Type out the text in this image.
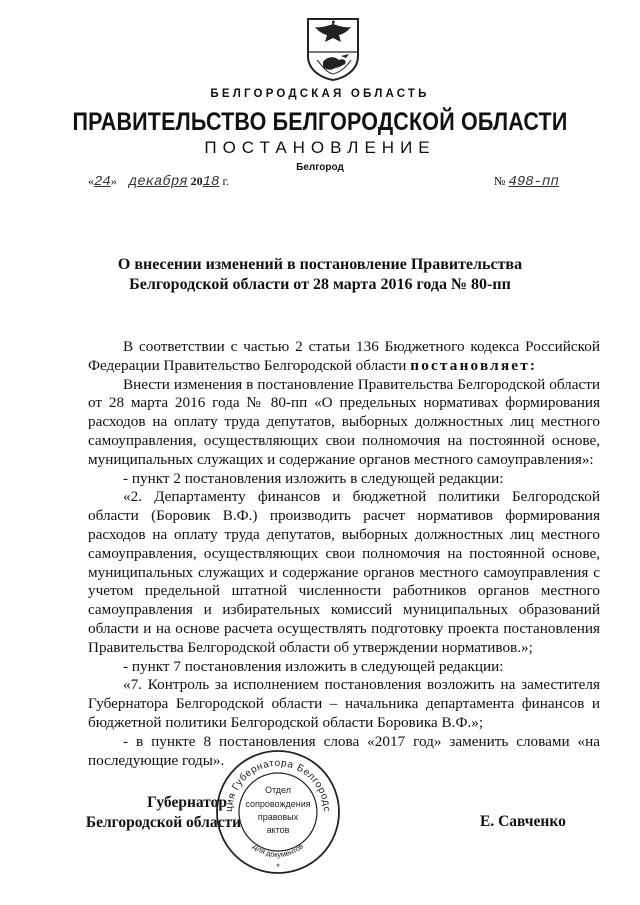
БЕЛГОРОДСКАЯ ОБЛАСТЬ
ПРАВИТЕЛЬСТВО БЕЛГОРОДСКОЙ ОБЛАСТИ
ПОСТАНОВЛЕНИЕ
Белгород
«24» декабря 2018 г.	№ 498-пп
О внесении изменений в постановление Правительства
Белгородской области от 28 марта 2016 года № 80-пп

В соответствии с частью 2 статьи 136 Бюджетного кодекса Российской Федерации Правительство Белгородской области постановляет:

Внести изменения в постановление Правительства Белгородской области от 28 марта 2016 года № 80-пп «О предельных нормативах формирования расходов на оплату труда депутатов, выборных должностных лиц местного самоуправления, осуществляющих свои полномочия на постоянной основе, муниципальных служащих и содержание органов местного самоуправления»:

- пункт 2 постановления изложить в следующей редакции:

«2. Департаменту финансов и бюджетной политики Белгородской области (Боровик В.Ф.) производить расчет нормативов формирования расходов на оплату труда депутатов, выборных должностных лиц местного самоуправления, осуществляющих свои полномочия на постоянной основе, муниципальных служащих и содержание органов местного самоуправления с учетом предельной штатной численности работников органов местного самоуправления и избирательных комиссий муниципальных образований области и на основе расчета осуществлять подготовку проекта постановления Правительства Белгородской области об утверждении нормативов.»;

- пункт 7 постановления изложить в следующей редакции:

«7. Контроль за исполнением постановления возложить на заместителя Губернатора Белгородской области – начальника департамента финансов и бюджетной политики Белгородской области Боровика В.Ф.»;

- в пункте 8 постановления слова «2017 год» заменить словами «на последующие годы».

Губернатор
Белгородской области	Е. Савченко
ция Губернатора Белгородс
Для документов
Отдел
сопровождения
правовых
актов
*
